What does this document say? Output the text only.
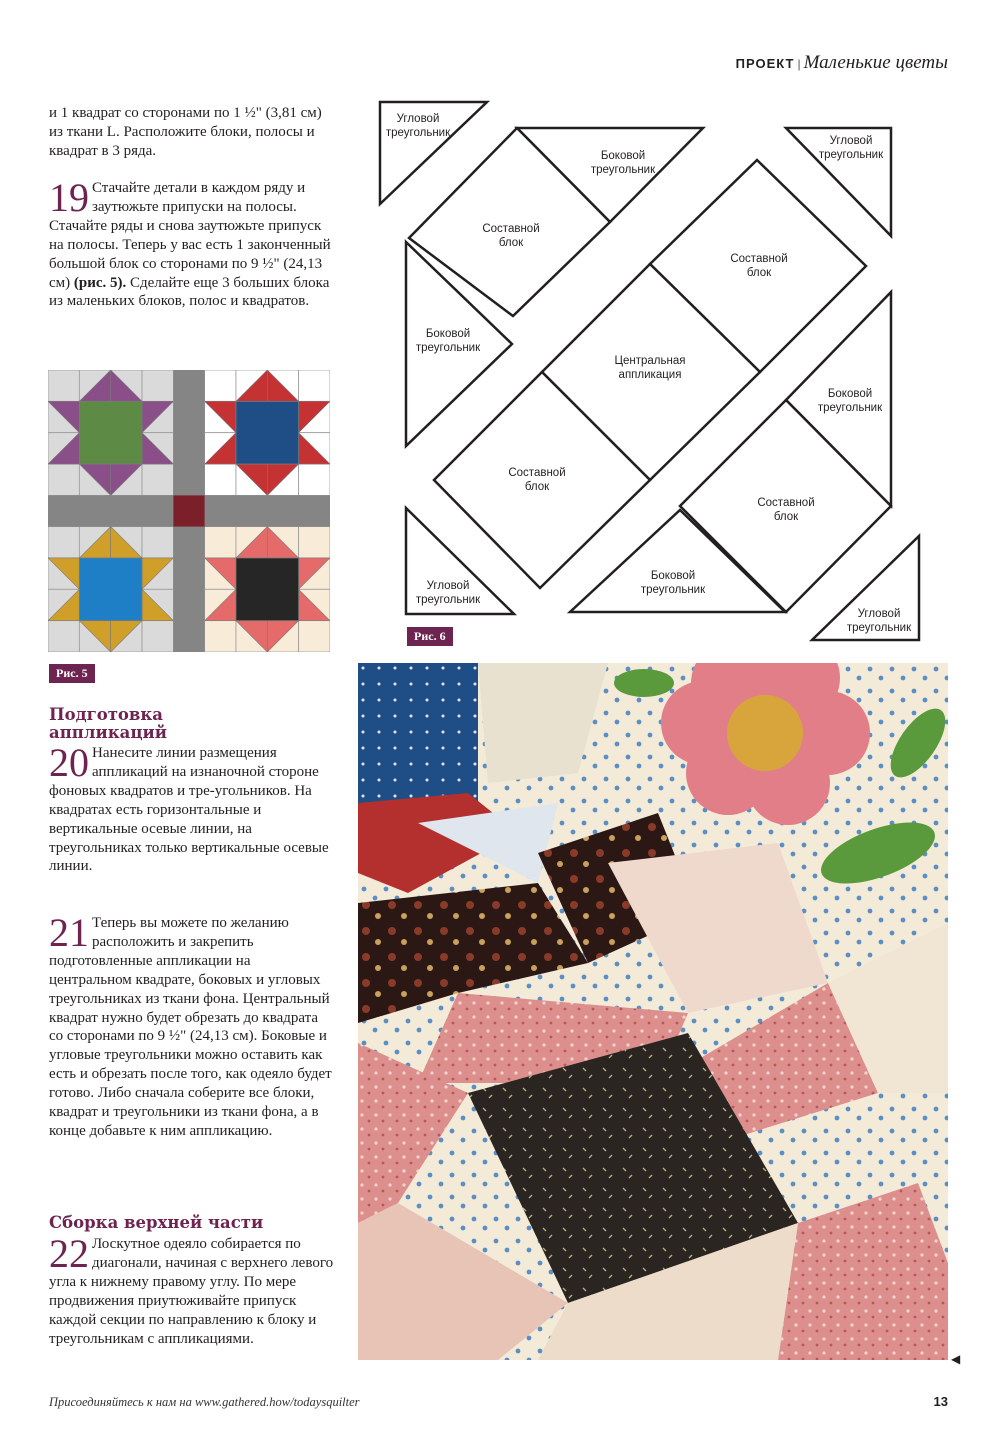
ПРОЕКТ | Маленькие цветы

и 1 квадрат со сторонами по 1 ½" (3,81 см) из ткани L. Расположите блоки, полосы и квадрат в 3 ряда.

19 Стачайте детали в каждом ряду и заутюжьте припуски на полосы. Стачайте ряды и снова заутюжьте припуск на полосы. Теперь у вас есть 1 законченный большой блок со сторонами по 9 ½" (24,13 см) (рис. 5). Сделайте еще 3 больших блока из маленьких блоков, полос и квадратов.
Рис. 5
Угловой треугольник
Боковой треугольник
Угловой треугольник
Составной блок
Составной блок
Боковой треугольник
Центральная аппликация
Боковой треугольник
Составной блок
Составной блок
Угловой треугольник
Боковой треугольник
Угловой треугольник
Рис. 6
Подготовка
аппликаций
20 Нанесите линии размещения аппликаций на изнаночной стороне фоновых квадратов и тре-угольников. На квадратах есть горизонтальные и вертикальные осевые линии, на треугольниках только вертикальные осевые линии.
21 Теперь вы можете по желанию расположить и закрепить подготовленные аппликации на центральном квадрате, боковых и угловых треугольниках из ткани фона. Центральный квадрат нужно будет обрезать до квадрата со сторонами по 9 ½" (24,13 см). Боковые и угловые треугольники можно оставить как есть и обрезать после того, как одеяло будет готово. Либо сначала соберите все блоки, квадрат и треугольники из ткани фона, а в конце добавьте к ним аппликацию.
Сборка верхней части
22 Лоскутное одеяло собирается по диагонали, начиная с верхнего левого угла к нижнему правому углу. По мере продвижения приутюживайте припуск каждой секции по направлению к блоку и треугольникам с аппликациями.
◀
Присоединяйтесь к нам на www.gathered.how/todaysquilter	13
